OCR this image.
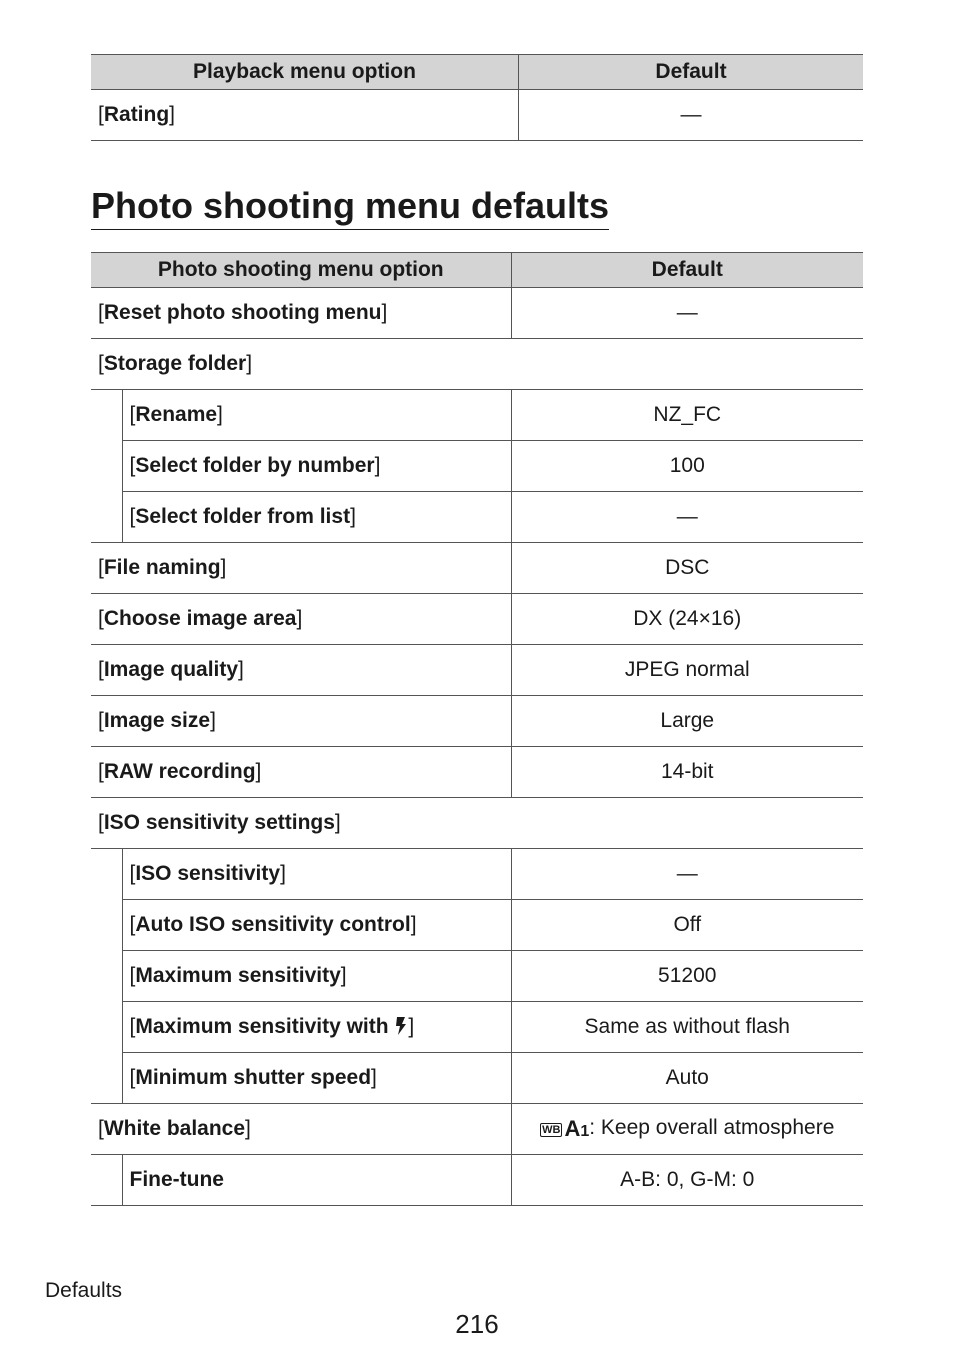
Playback menu option	Default
[Rating]	—
Photo shooting menu defaults
Photo shooting menu option		Default
[Reset photo shooting menu]		—
[Storage folder]		
	[Rename]	NZ_FC
	[Select folder by number]	100
	[Select folder from list]	—
[File naming]		DSC
[Choose image area]		DX (24×16)
[Image quality]		JPEG normal
[Image size]		Large
[RAW recording]		14-bit
[ISO sensitivity settings]		
	[ISO sensitivity]	—
	[Auto ISO sensitivity control]	Off
	[Maximum sensitivity]	51200
	[Maximum sensitivity with ]	Same as without flash
	[Minimum shutter speed]	Auto
[White balance]		WB A1: Keep overall atmosphere
	Fine-tune	A-B: 0, G-M: 0
Defaults
216
